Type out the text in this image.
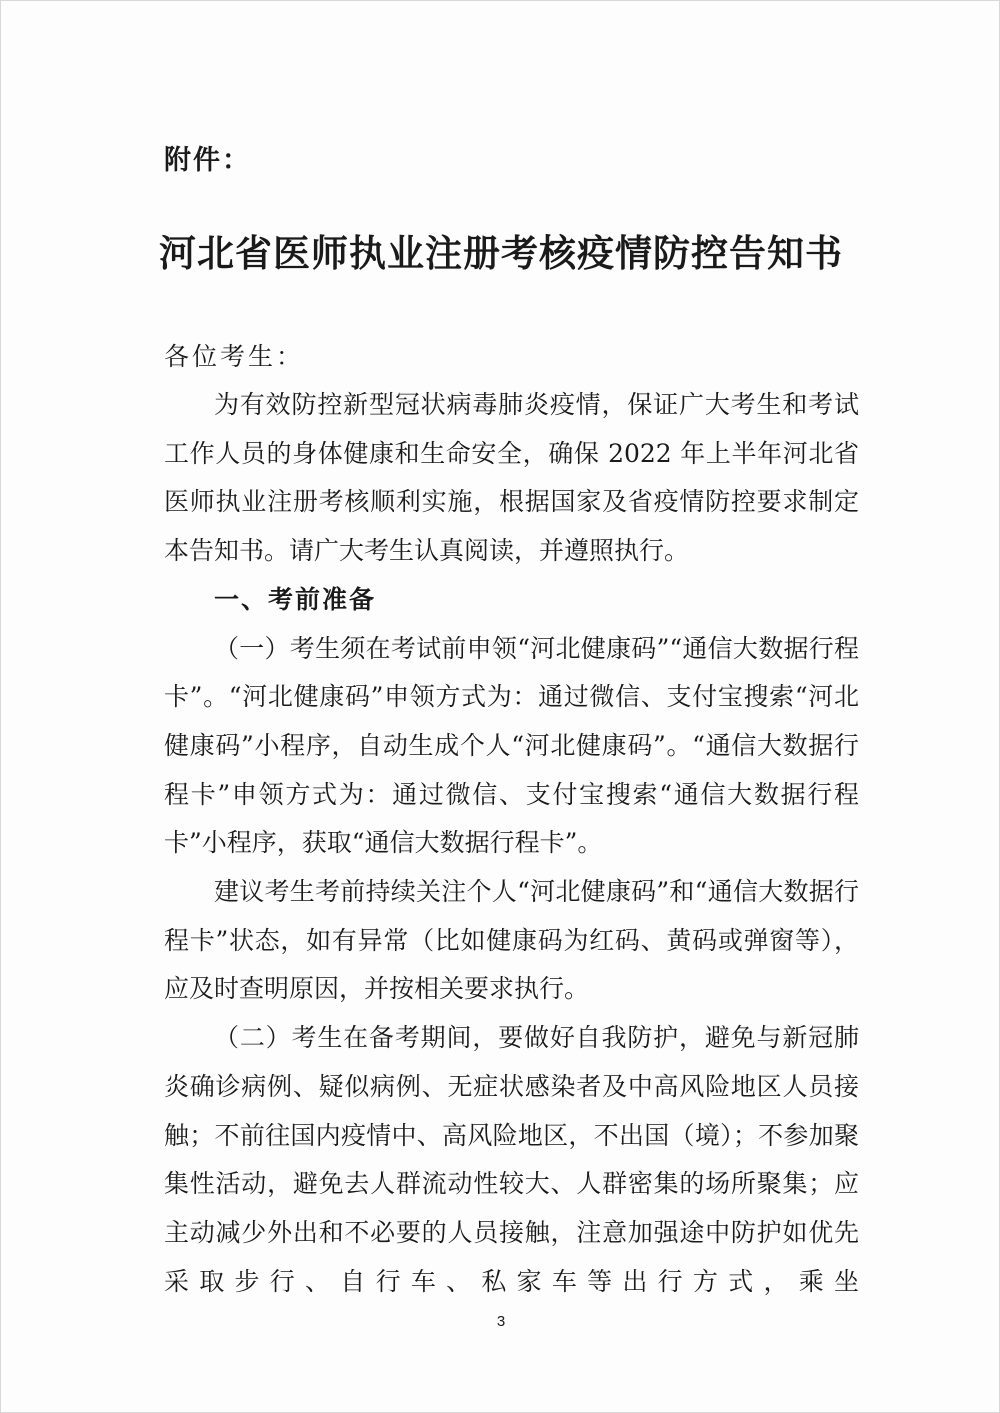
附件：
河北省医师执业注册考核疫情防控告知书
各位考生：

为有效防控新型冠状病毒肺炎疫情，保证广大考生和考试工作人员的身体健康和生命安全，确保 2022 年上半年河北省医师执业注册考核顺利实施，根据国家及省疫情防控要求制定本告知书。请广大考生认真阅读，并遵照执行。

一、考前准备

（一）考生须在考试前申领“河北健康码”“通信大数据行程卡”。“河北健康码”申领方式为：通过微信、支付宝搜索“河北健康码”小程序，自动生成个人“河北健康码”。“通信大数据行程卡”申领方式为：通过微信、支付宝搜索“通信大数据行程卡”小程序，获取“通信大数据行程卡”。

建议考生考前持续关注个人“河北健康码”和“通信大数据行程卡”状态，如有异常（比如健康码为红码、黄码或弹窗等），应及时查明原因，并按相关要求执行。

（二）考生在备考期间，要做好自我防护，避免与新冠肺炎确诊病例、疑似病例、无症状感染者及中高风险地区人员接触；不前往国内疫情中、高风险地区，不出国（境）；不参加聚集性活动，避免去人群流动性较大、人群密集的场所聚集；应主动减少外出和不必要的人员接触，注意加强途中防护如优先采取步行、自行车、私家车等出行方式，乘坐

3
